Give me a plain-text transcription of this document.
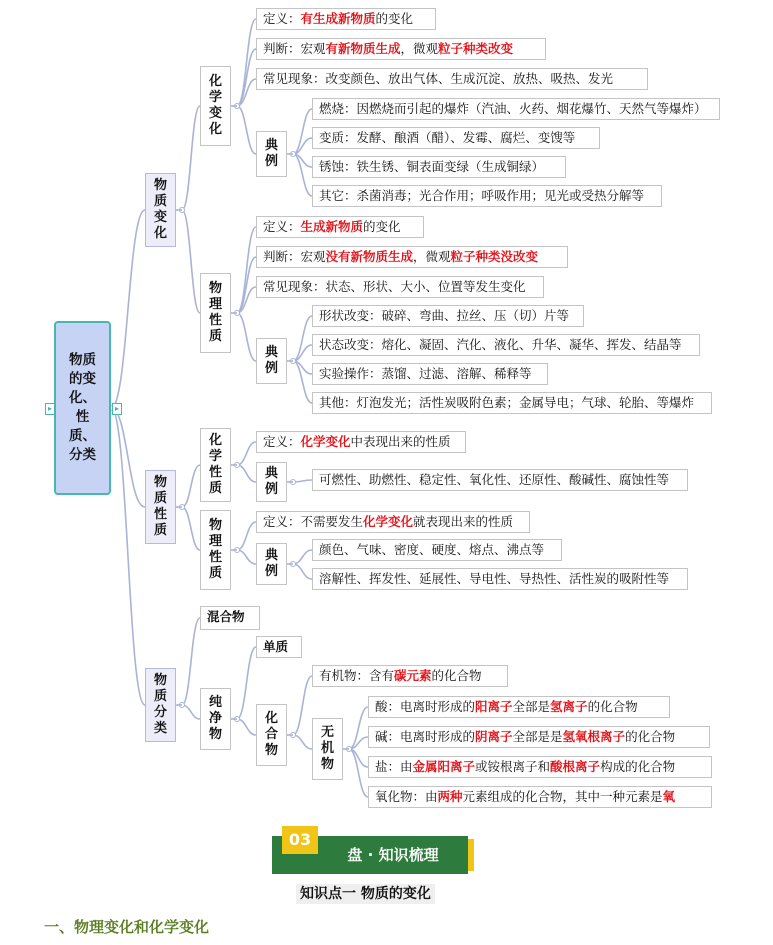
物质的变化、性质、分类
▸	▸
物质变化
物质性质
物质分类
化学变化
定义：有生成新物质的变化
判断：宏观有新物质生成，微观粒子种类改变
常见现象：改变颜色、放出气体、生成沉淀、放热、吸热、发光
典例
燃烧：因燃烧而引起的爆炸（汽油、火药、烟花爆竹、天然气等爆炸）
变质：发酵、酿酒（醋）、发霉、腐烂、变馊等
锈蚀：铁生锈、铜表面变绿（生成铜绿）
其它：杀菌消毒；光合作用；呼吸作用；见光或受热分解等
物理性质
定义：生成新物质的变化
判断：宏观没有新物质生成，微观粒子种类没改变
常见现象：状态、形状、大小、位置等发生变化
典例
形状改变：破碎、弯曲、拉丝、压（切）片等
状态改变：熔化、凝固、汽化、液化、升华、凝华、挥发、结晶等
实验操作：蒸馏、过滤、溶解、稀释等
其他：灯泡发光；活性炭吸附色素；金属导电；气球、轮胎、等爆炸
化学性质
定义：化学变化中表现出来的性质
典例
可燃性、助燃性、稳定性、氧化性、还原性、酸碱性、腐蚀性等
物理性质
定义：不需要发生化学变化就表现出来的性质
典例
颜色、气味、密度、硬度、熔点、沸点等
溶解性、挥发性、延展性、导电性、导热性、活性炭的吸附性等
混合物
纯净物
单质
化合物
有机物：含有碳元素的化合物
无机物
酸：电离时形成的阳离子全部是氢离子的化合物
碱：电离时形成的阴离子全部是是氢氧根离子的化合物
盐：由金属阳离子或铵根离子和酸根离子构成的化合物
氧化物：由两种元素组成的化合物，其中一种元素是氧
03
盘 · 知识梳理
知识点一 物质的变化
一、物理变化和化学变化
